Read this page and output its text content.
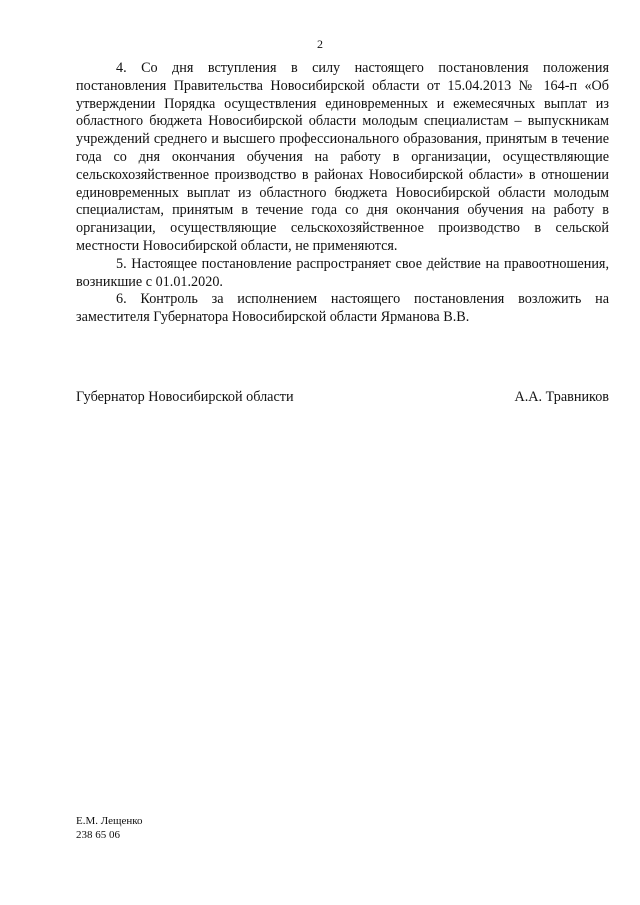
2

4. Со дня вступления в силу настоящего постановления положения постановления Правительства Новосибирской области от 15.04.2013 № 164-п «Об утверждении Порядка осуществления единовременных и ежемесячных выплат из областного бюджета Новосибирской области молодым специалистам – выпускникам учреждений среднего и высшего профессионального образования, принятым в течение года со дня окончания обучения на работу в организации, осуществляющие сельскохозяйственное производство в районах Новосибирской области» в отношении единовременных выплат из областного бюджета Новосибирской области молодым специалистам, принятым в течение года со дня окончания обучения на работу в организации, осуществляющие сельскохозяйственное производство в сельской местности Новосибирской области, не применяются.

5. Настоящее постановление распространяет свое действие на правоотношения, возникшие с 01.01.2020.

6. Контроль за исполнением настоящего постановления возложить на заместителя Губернатора Новосибирской области Ярманова В.В.

Губернатор Новосибирской области	А.А. Травников
Е.М. Лещенко
238 65 06
